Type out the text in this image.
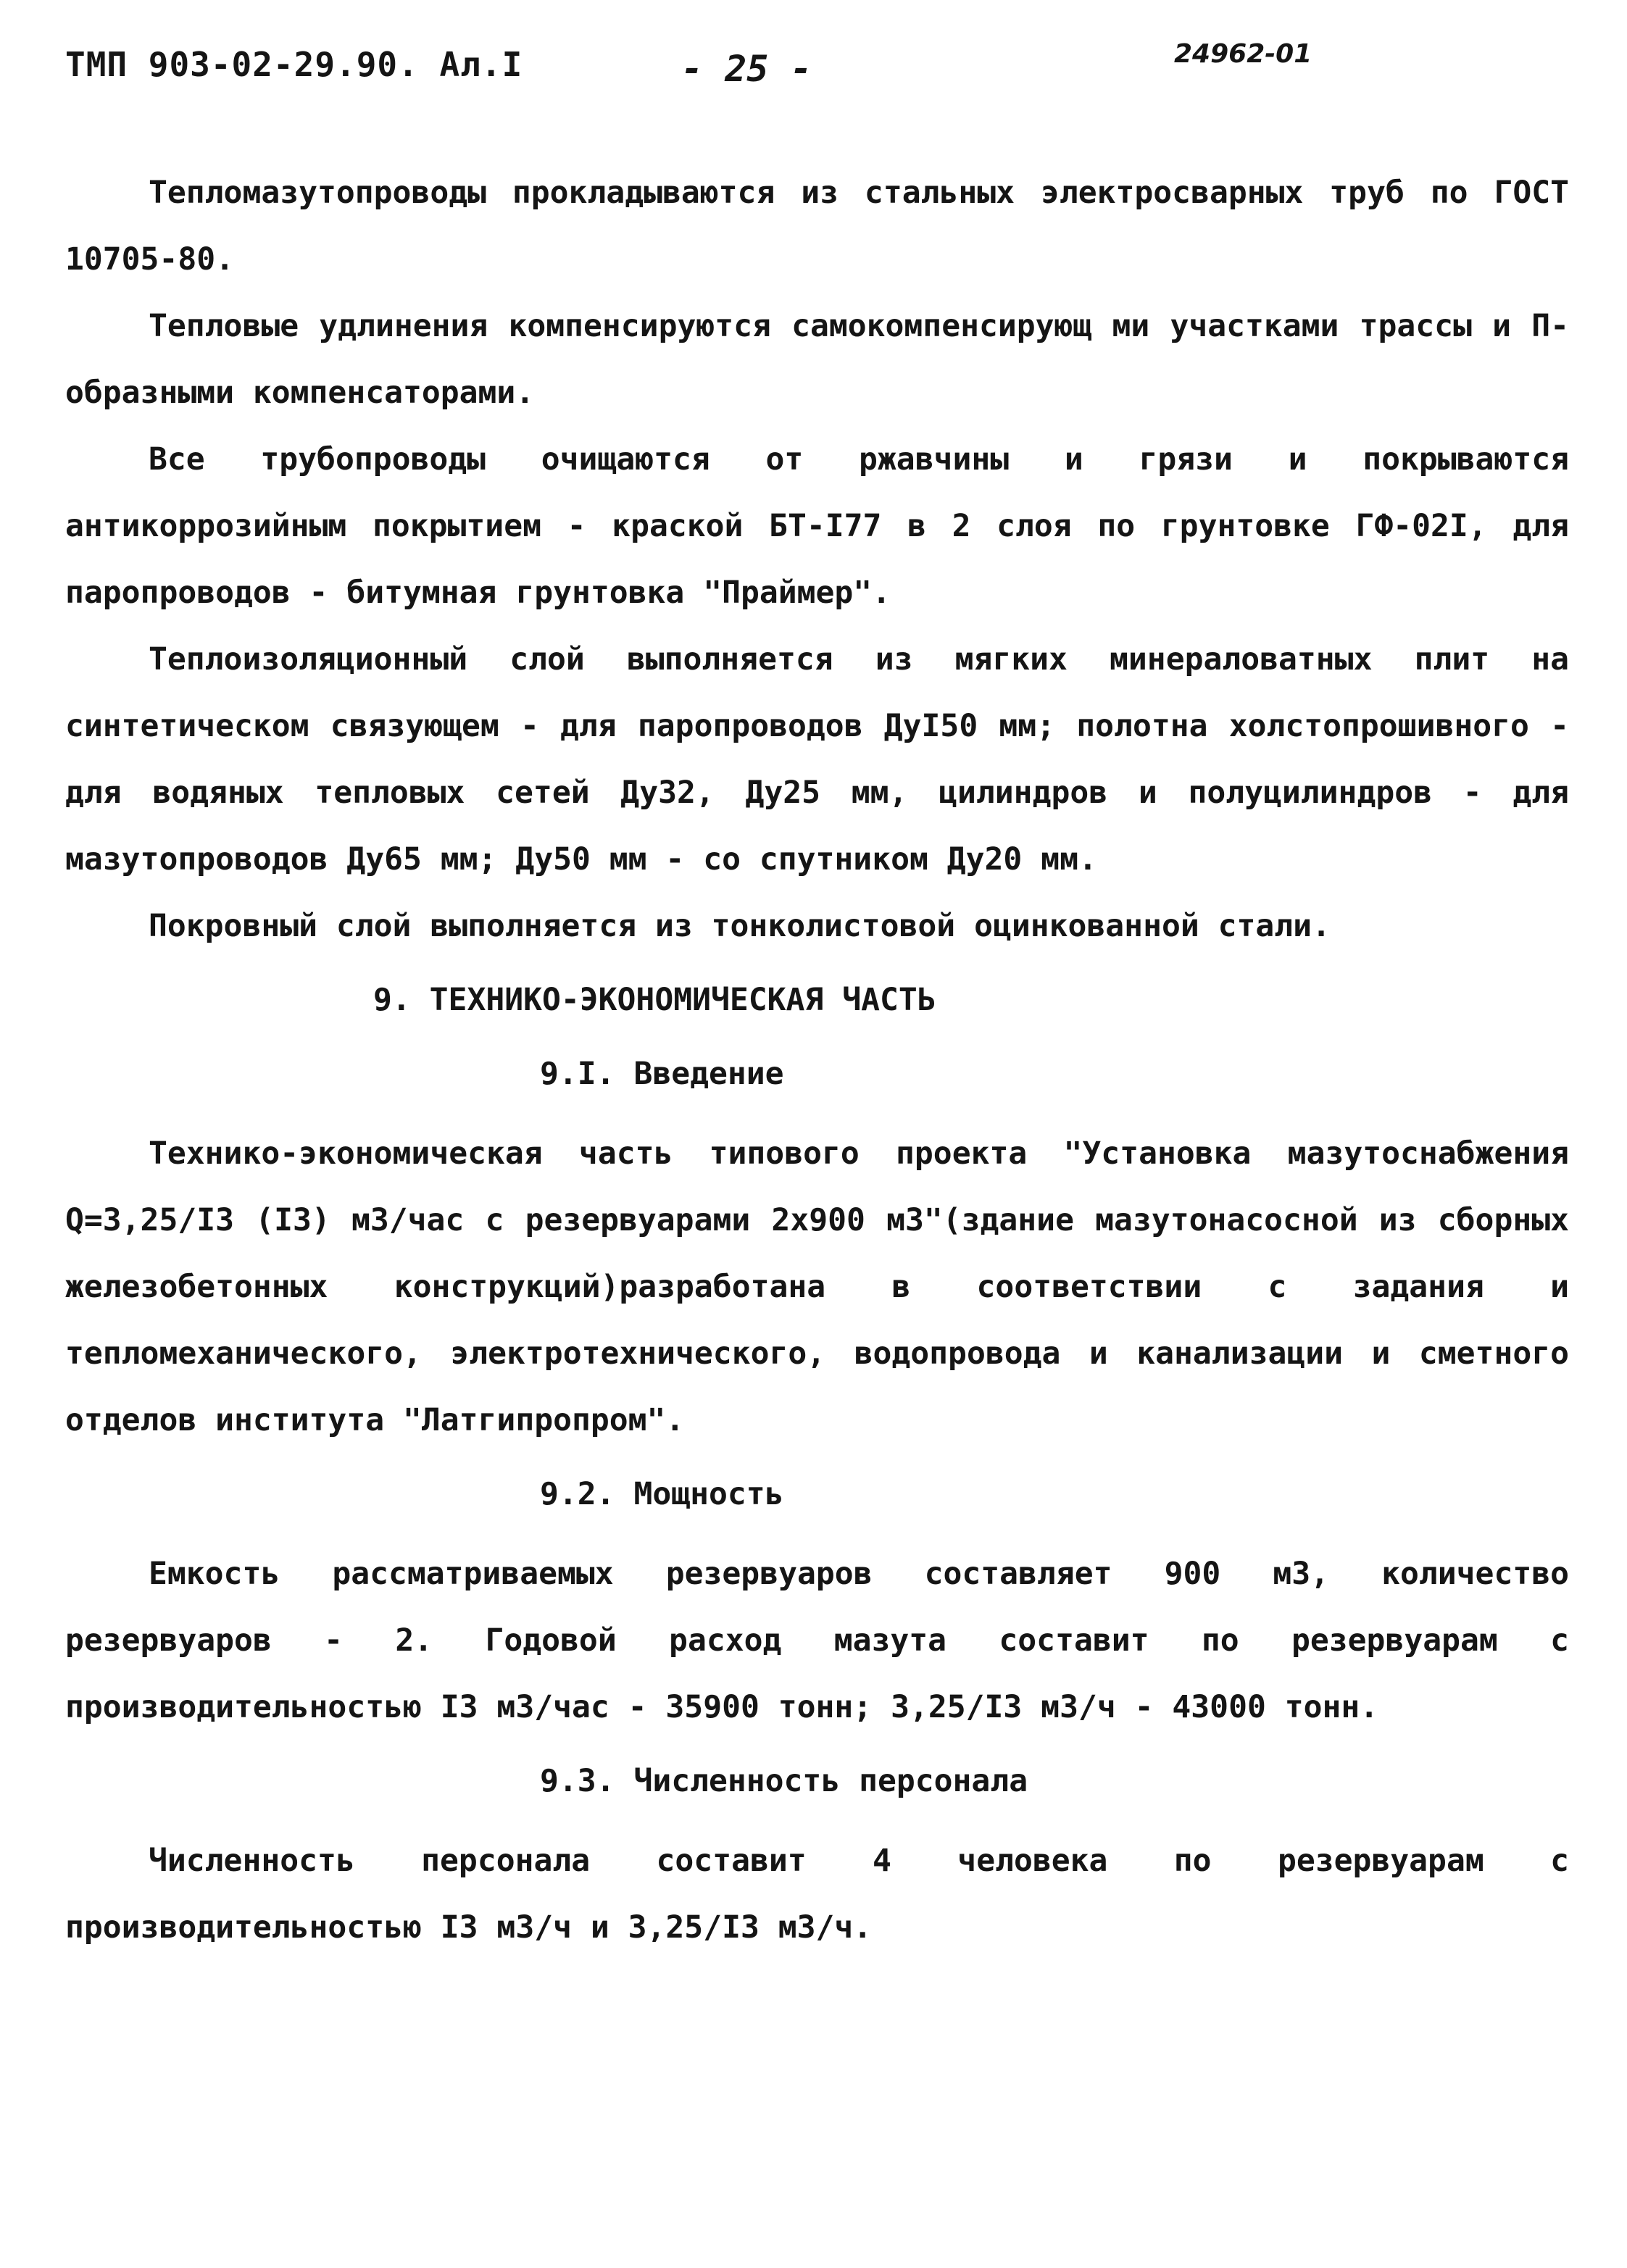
ТМП 903-02-29.90. Ал.I	- 25 -	24962-01

Тепломазутопроводы прокладываются из стальных электросварных труб по ГОСТ 10705-80.

Тепловые удлинения компенсируются самокомпенсирующ ми участками трассы и П-образными компенсаторами.

Все трубопроводы очищаются от ржавчины и грязи и покрываются антикоррозийным покрытием - краской БТ-I77 в 2 слоя по грунтовке ГФ-02I, для паропроводов - битумная грунтовка "Праймер".

Теплоизоляционный слой выполняется из мягких минераловатных плит на синтетическом связующем - для паропроводов ДуI50 мм; полотна холстопрошивного - для водяных тепловых сетей Ду32, Ду25 мм, цилиндров и полуцилиндров - для мазутопроводов Ду65 мм; Ду50 мм - со спутником Ду20 мм.

Покровный слой выполняется из тонколистовой оцинкованной стали.

9. ТЕХНИКО-ЭКОНОМИЧЕСКАЯ ЧАСТЬ
9.I. Введение

Технико-экономическая часть типового проекта "Установка мазутоснабжения Q=3,25/I3 (I3) м3/час с резервуарами 2x900 м3"(здание мазутонасосной из сборных железобетонных конструкций)разработана в соответствии с задания и тепломеханического, электротехнического, водопровода и канализации и сметного отделов института "Латгипропром".

9.2. Мощность

Емкость рассматриваемых резервуаров составляет 900 м3, количество резервуаров - 2. Годовой расход мазута составит по резервуарам с производительностью I3 м3/час - 35900 тонн; 3,25/I3 м3/ч - 43000 тонн.

9.3. Численность персонала

Численность персонала составит 4 человека по резервуарам с производительностью I3 м3/ч и 3,25/I3 м3/ч.
